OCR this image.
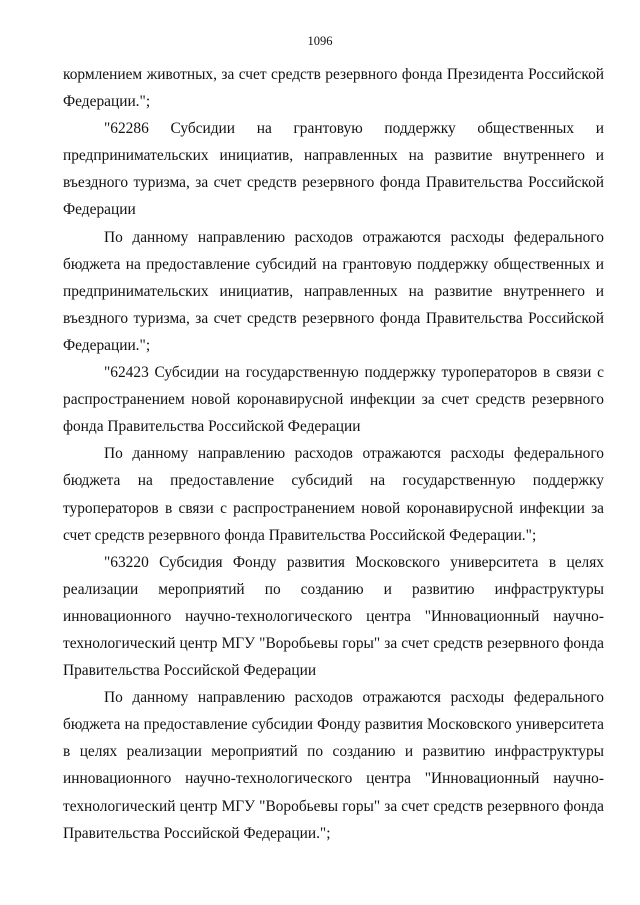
1096

кормлением животных, за счет средств резервного фонда Президента Российской Федерации.";

"62286 Субсидии на грантовую поддержку общественных и предпринимательских инициатив, направленных на развитие внутреннего и въездного туризма, за счет средств резервного фонда Правительства Российской Федерации

По данному направлению расходов отражаются расходы федерального бюджета на предоставление субсидий на грантовую поддержку общественных и предпринимательских инициатив, направленных на развитие внутреннего и въездного туризма, за счет средств резервного фонда Правительства Российской Федерации.";

"62423 Субсидии на государственную поддержку туроператоров в связи с распространением новой коронавирусной инфекции за счет средств резервного фонда Правительства Российской Федерации

По данному направлению расходов отражаются расходы федерального бюджета на предоставление субсидий на государственную поддержку туроператоров в связи с распространением новой коронавирусной инфекции за счет средств резервного фонда Правительства Российской Федерации.";

"63220 Субсидия Фонду развития Московского университета в целях реализации мероприятий по созданию и развитию инфраструктуры инновационного научно-технологического центра "Инновационный научно-технологический центр МГУ "Воробьевы горы" за счет средств резервного фонда Правительства Российской Федерации

По данному направлению расходов отражаются расходы федерального бюджета на предоставление субсидии Фонду развития Московского университета в целях реализации мероприятий по созданию и развитию инфраструктуры инновационного научно-технологического центра "Инновационный научно-технологический центр МГУ "Воробьевы горы" за счет средств резервного фонда Правительства Российской Федерации.";
